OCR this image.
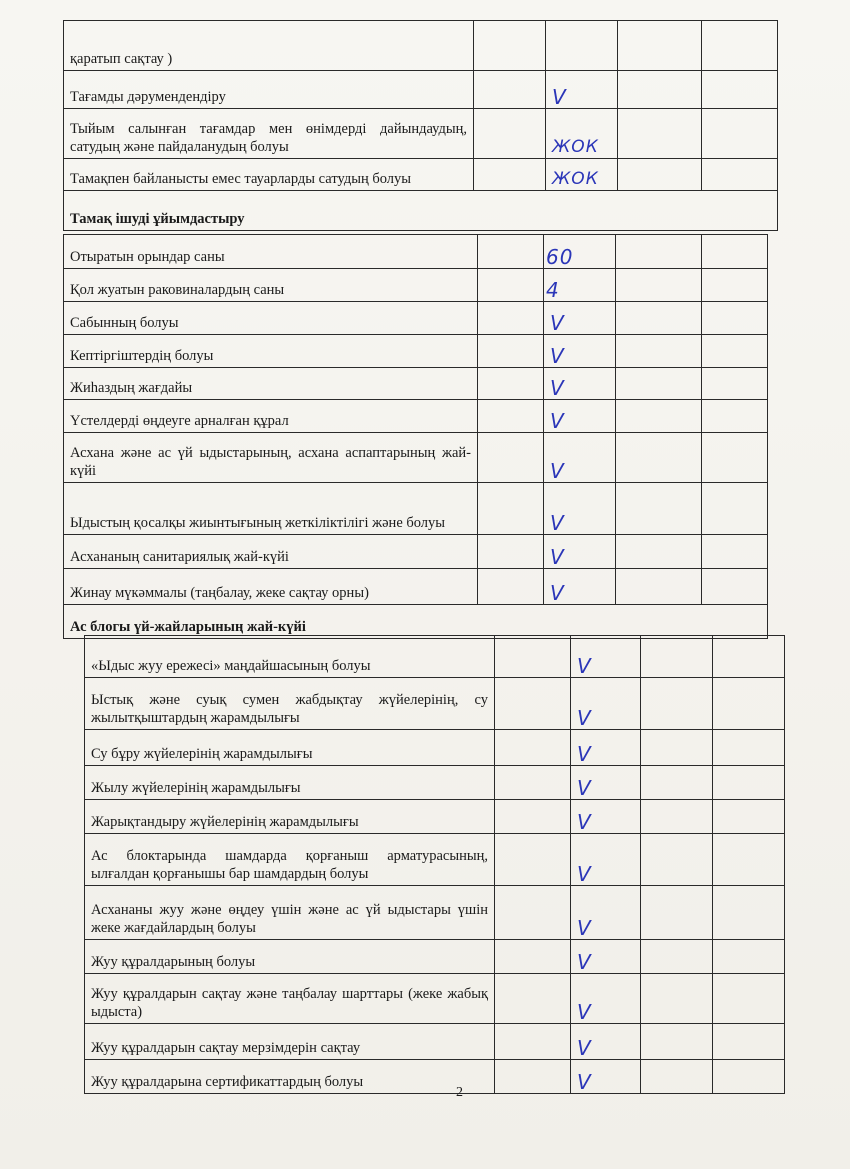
қаратып сақтау )				
Тағамды дәрумендендіру		V		
Тыйым салынған тағамдар мен өнімдерді дайындаудың, сатудың және пайдаланудың болуы		ЖОК		
Тамақпен байланысты емес тауарларды сатудың болуы		ЖОК		
Тамақ ішуді ұйымдастыру				
Отыратын орындар саны		60		
Қол жуатын раковиналардың саны		4		
Сабынның болуы		V		
Кептіргіштердің болуы		V		
Жиһаздың жағдайы		V		
Үстелдерді өңдеуге арналған құрал		V		
Асхана және ас үй ыдыстарының, асхана аспаптарының жай-күйі		V		
Ыдыстың қосалқы жиынтығының жеткіліктілігі және болуы		V		
Асхананың санитариялық жай-күйі		V		
Жинау мүкәммалы (таңбалау, жеке сақтау орны)		V		
Ас блогы үй-жайларының жай-күйі				
«Ыдыс жуу ережесі» маңдайшасының болуы		V		
Ыстық және суық сумен жабдықтау жүйелерінің, су жылытқыштардың жарамдылығы		V		
Су бұру жүйелерінің жарамдылығы		V		
Жылу жүйелерінің жарамдылығы		V		
Жарықтандыру жүйелерінің жарамдылығы		V		
Ас блоктарында шамдарда қорғаныш арматурасының, ылғалдан қорғанышы бар шамдардың болуы		V		
Асхананы жуу және өңдеу үшін және ас үй ыдыстары үшін жеке жағдайлардың болуы		V		
Жуу құралдарының болуы		V		
Жуу құралдарын сақтау және таңбалау шарттары (жеке жабық ыдыста)		V		
Жуу құралдарын сақтау мерзімдерін сақтау		V		
Жуу құралдарына сертификаттардың болуы		V		
2
